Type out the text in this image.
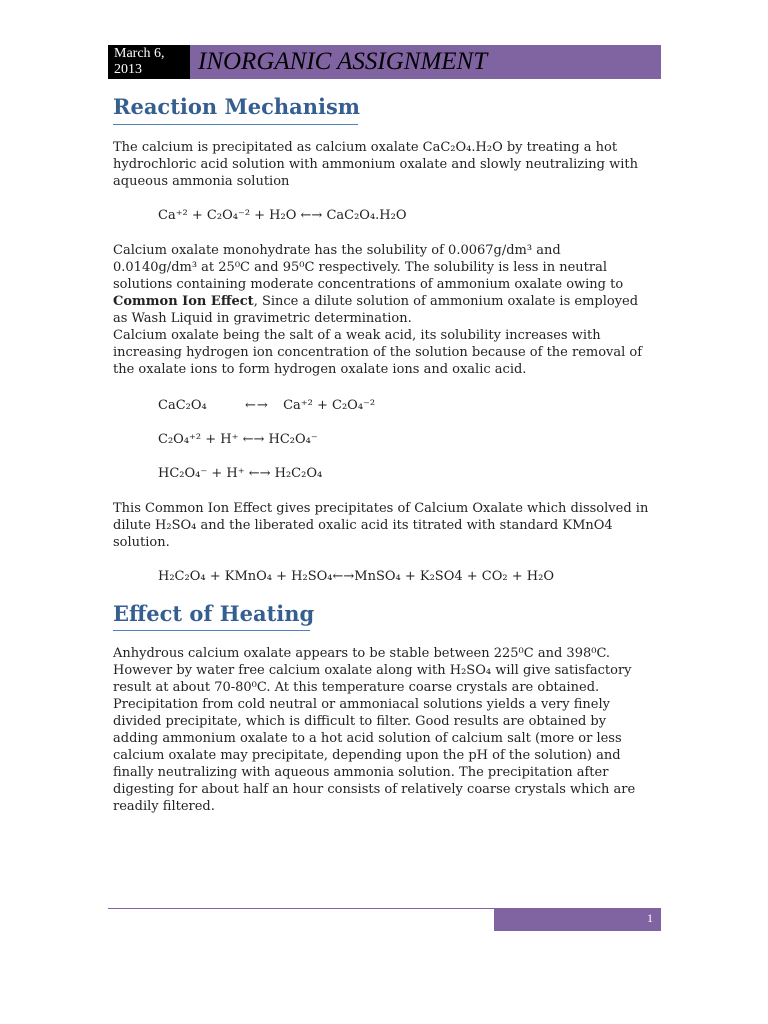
March 6,
2013	INORGANIC ASSIGNMENT
Reaction Mechanism
The calcium is precipitated as calcium oxalate CaC₂O₄.H₂O by treating a hot
hydrochloric acid solution with ammonium oxalate and slowly neutralizing with
aqueous ammonia solution
Ca⁺² + C₂O₄⁻² + H₂O ←→ CaC₂O₄.H₂O
Calcium oxalate monohydrate has the solubility of 0.0067g/dm³ and
0.0140g/dm³ at 25⁰C and 95⁰C respectively. The solubility is less in neutral
solutions containing moderate concentrations of ammonium oxalate owing to
Common Ion Effect, Since a dilute solution of ammonium oxalate is employed
as Wash Liquid in gravimetric determination.
Calcium oxalate being the salt of a weak acid, its solubility increases with
increasing hydrogen ion concentration of the solution because of the removal of
the oxalate ions to form hydrogen oxalate ions and oxalic acid.
CaC₂O₄	←→ Ca⁺² + C₂O₄⁻²
C₂O₄⁺² + H⁺ ←→ HC₂O₄⁻
HC₂O₄⁻ + H⁺ ←→ H₂C₂O₄
This Common Ion Effect gives precipitates of Calcium Oxalate which dissolved in
dilute H₂SO₄ and the liberated oxalic acid its titrated with standard KMnO4
solution.
H₂C₂O₄ + KMnO₄ + H₂SO₄←→MnSO₄ + K₂SO4 + CO₂ + H₂O
Effect of Heating
Anhydrous calcium oxalate appears to be stable between 225⁰C and 398⁰C.
However by water free calcium oxalate along with H₂SO₄ will give satisfactory
result at about 70-80⁰C. At this temperature coarse crystals are obtained.
Precipitation from cold neutral or ammoniacal solutions yields a very finely
divided precipitate, which is difficult to filter. Good results are obtained by
adding ammonium oxalate to a hot acid solution of calcium salt (more or less
calcium oxalate may precipitate, depending upon the pH of the solution) and
finally neutralizing with aqueous ammonia solution. The precipitation after
digesting for about half an hour consists of relatively coarse crystals which are
readily filtered.
1
